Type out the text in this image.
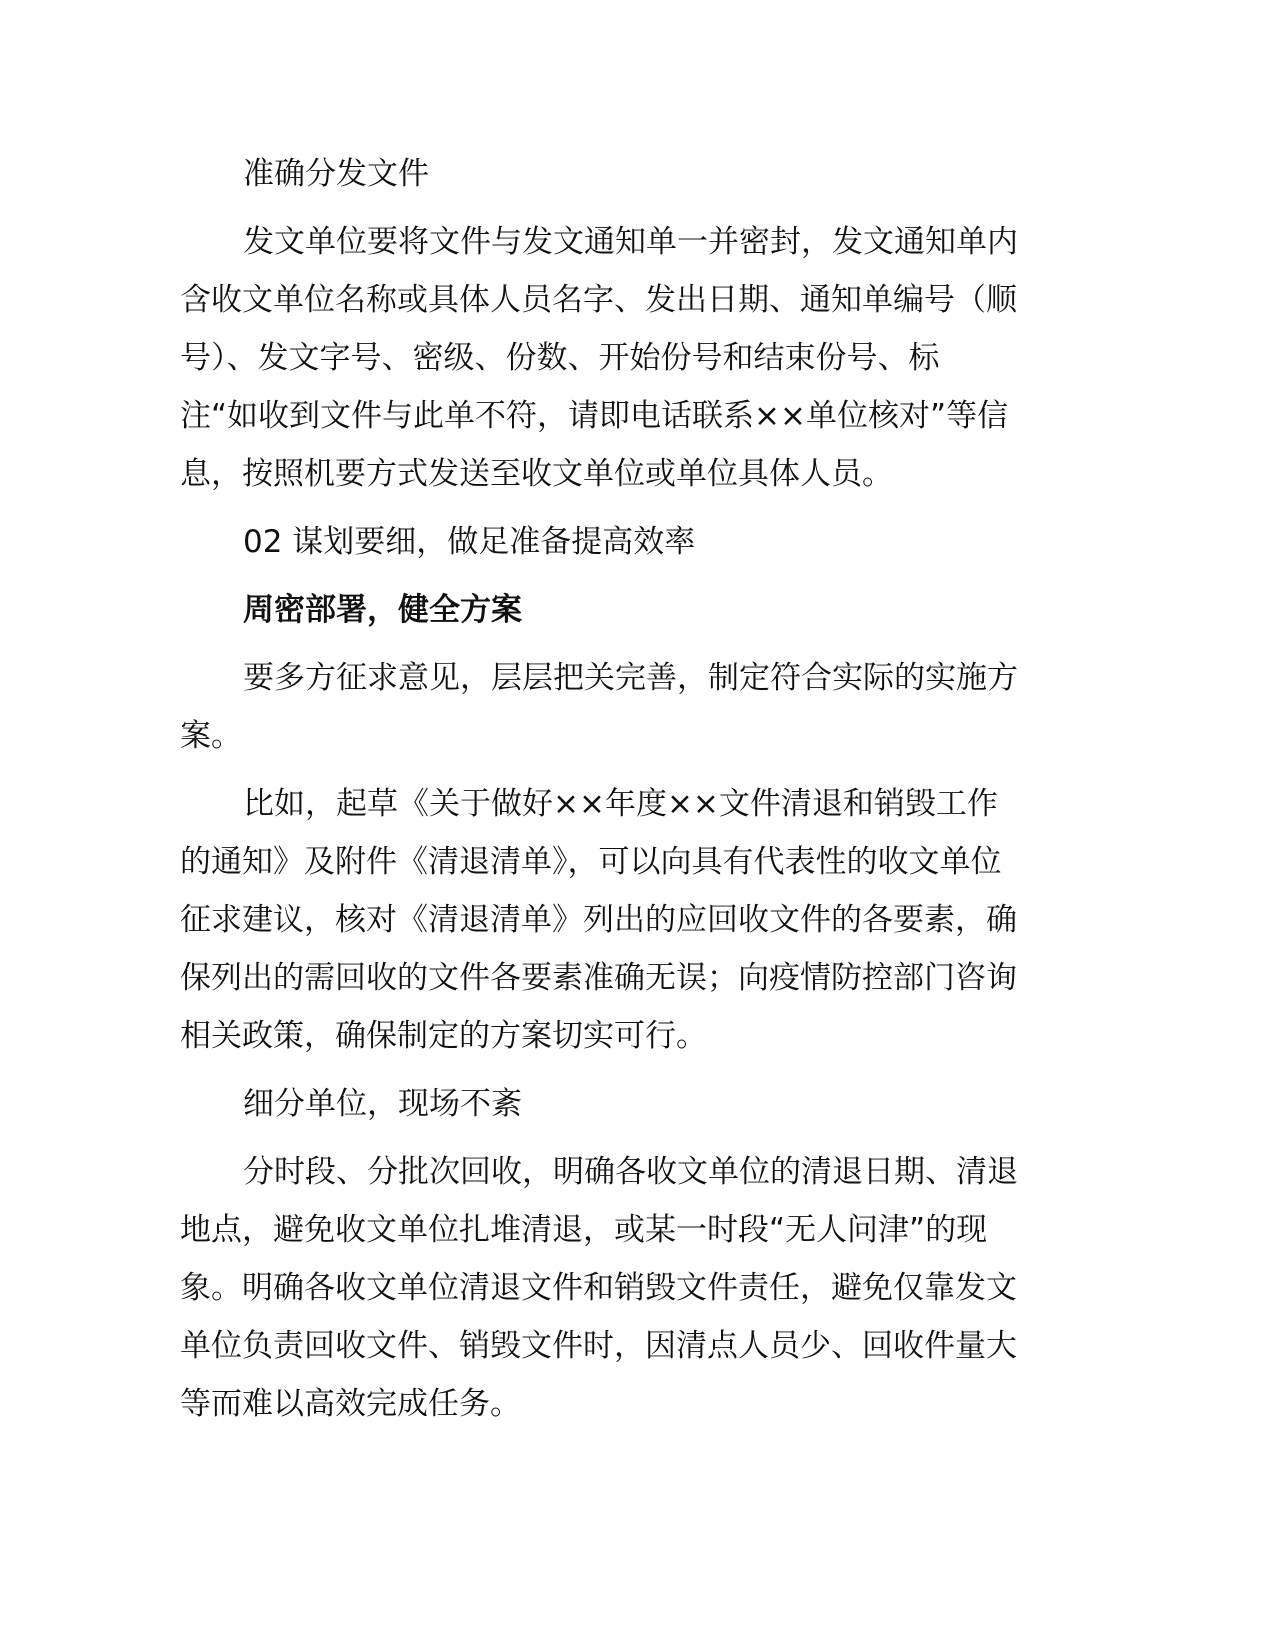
准确分发文件
发文单位要将文件与发文通知单一并密封，发文通知单内
含收文单位名称或具体人员名字、发出日期、通知单编号（顺
号）、发文字号、密级、份数、开始份号和结束份号、标
注“如收到文件与此单不符，请即电话联系××单位核对”等信
息，按照机要方式发送至收文单位或单位具体人员。
02 谋划要细，做足准备提高效率
周密部署，健全方案
要多方征求意见，层层把关完善，制定符合实际的实施方
案。
比如，起草《关于做好××年度××文件清退和销毁工作
的通知》及附件《清退清单》，可以向具有代表性的收文单位
征求建议，核对《清退清单》列出的应回收文件的各要素，确
保列出的需回收的文件各要素准确无误；向疫情防控部门咨询
相关政策，确保制定的方案切实可行。
细分单位，现场不紊
分时段、分批次回收，明确各收文单位的清退日期、清退
地点，避免收文单位扎堆清退，或某一时段“无人问津”的现
象。明确各收文单位清退文件和销毁文件责任，避免仅靠发文
单位负责回收文件、销毁文件时，因清点人员少、回收件量大
等而难以高效完成任务。
